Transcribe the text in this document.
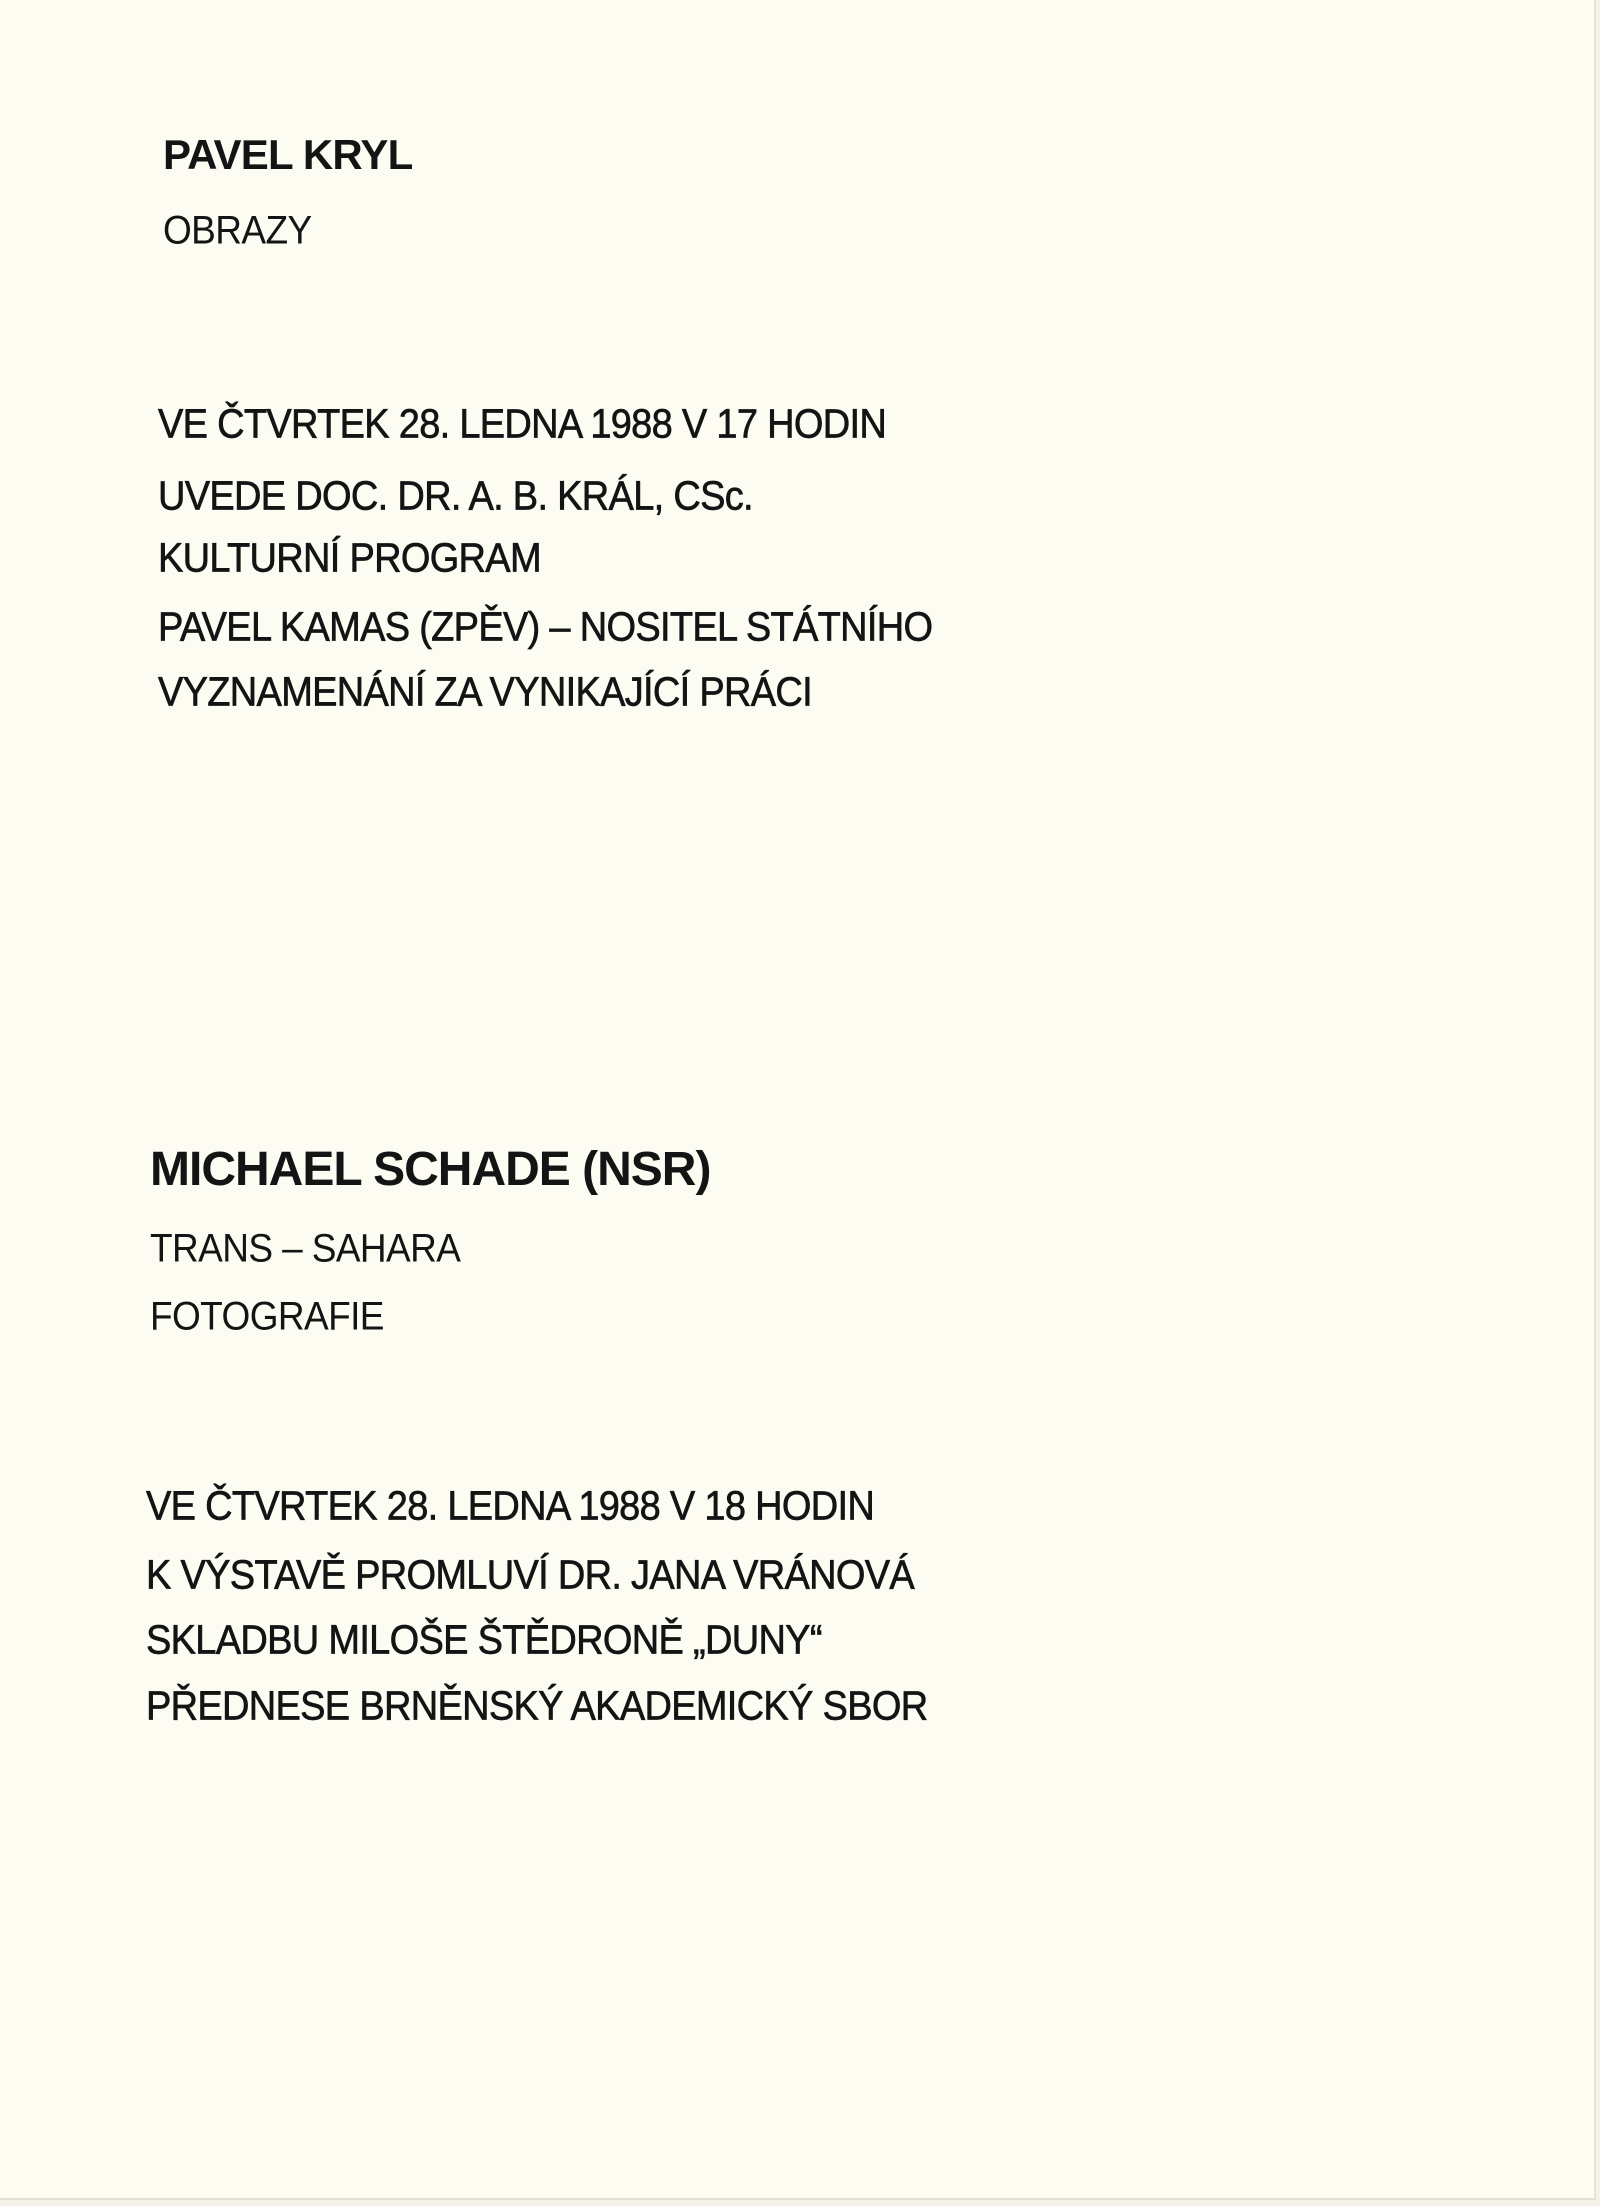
PAVEL KRYL
OBRAZY
VE ČTVRTEK 28. LEDNA 1988 V 17 HODIN
UVEDE DOC. DR. A. B. KRÁL, CSc.
KULTURNÍ PROGRAM
PAVEL KAMAS (ZPĚV) – NOSITEL STÁTNÍHO
VYZNAMENÁNÍ ZA VYNIKAJÍCÍ PRÁCI
MICHAEL SCHADE (NSR)
TRANS – SAHARA
FOTOGRAFIE
VE ČTVRTEK 28. LEDNA 1988 V 18 HODIN
K VÝSTAVĚ PROMLUVÍ DR. JANA VRÁNOVÁ
SKLADBU MILOŠE ŠTĚDRONĚ „DUNY“
PŘEDNESE BRNĚNSKÝ AKADEMICKÝ SBOR
